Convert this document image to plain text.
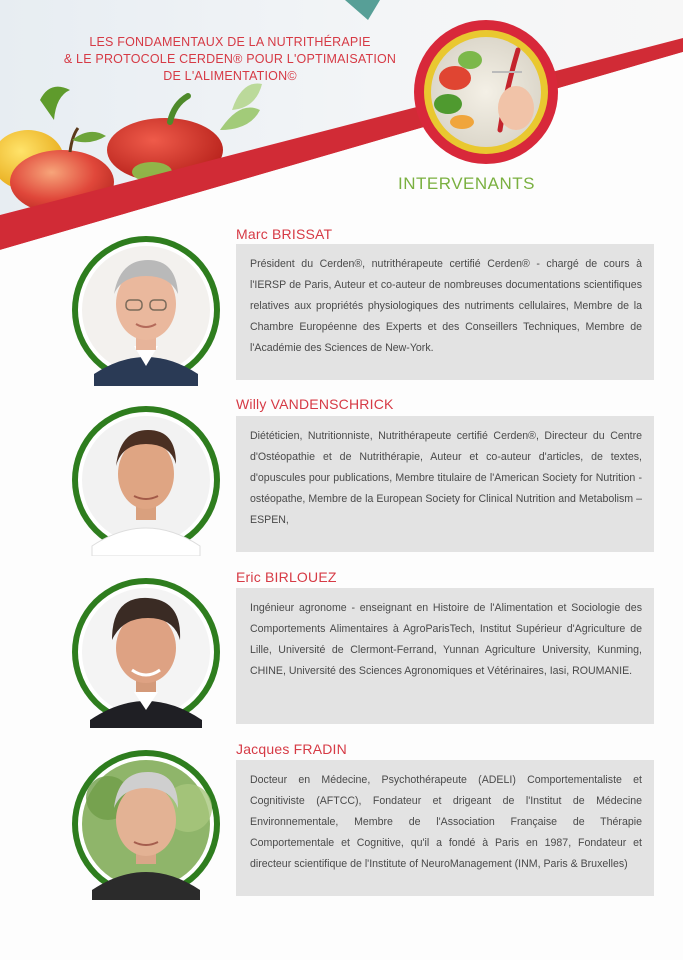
LES FONDAMENTAUX DE LA NUTRITHÉRAPIE
& LE PROTOCOLE CERDEN® POUR L'OPTIMAISATION
DE L'ALIMENTATION©
INTERVENANTS
Marc BRISSAT
Président du Cerden®, nutrithérapeute certifié Cerden® - chargé de cours à l'IERSP de Paris, Auteur et co-auteur de nombreuses documentations scientifiques relatives aux propriétés physiologiques des nutriments cellulaires, Membre de la Chambre Européenne des Experts et des Conseillers Techniques, Membre de l'Académie des Sciences de New-York.
Willy VANDENSCHRICK
Diététicien, Nutritionniste, Nutrithérapeute certifié Cerden®, Directeur du Centre d'Ostéopathie et de Nutrithérapie, Auteur et co-auteur d'articles, de textes, d'opuscules pour publications, Membre titulaire de l'American Society for Nutrition - ostéopathe, Membre de la European Society for Clinical Nutrition and Metabolism – ESPEN,
Eric BIRLOUEZ
Ingénieur agronome - enseignant en Histoire de l'Alimentation et Sociologie des Comportements Alimentaires à AgroParisTech, Institut Supérieur d'Agriculture de Lille, Université de Clermont-Ferrand, Yunnan Agriculture University, Kunming, CHINE, Université des Sciences Agronomiques et Vétérinaires, Iasi, ROUMANIE.
Jacques FRADIN
Docteur en Médecine, Psychothérapeute (ADELI) Comportementaliste et Cognitiviste (AFTCC), Fondateur et drigeant de l'Institut de Médecine Environnementale, Membre de l'Association Française de Thérapie Comportementale et Cognitive, qu'il a fondé à Paris en 1987, Fondateur et directeur scientifique de l'Institute of NeuroManagement (INM, Paris & Bruxelles)
